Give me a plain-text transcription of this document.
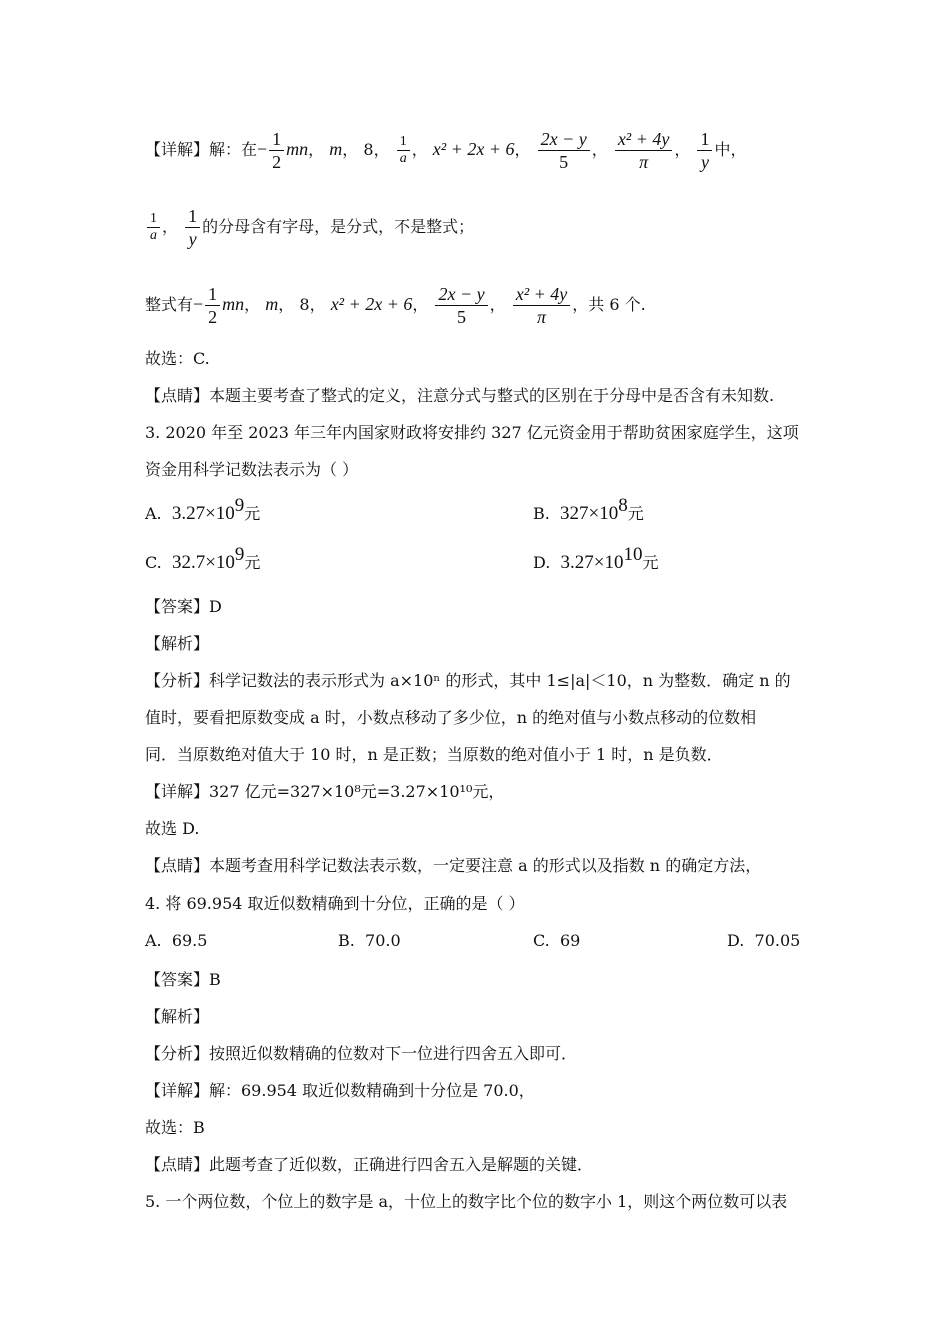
【详解】解：在− $\frac{1}{2}$ mn， m， 8， $\frac{1}{a}$ ， x² + 2x + 6， $\frac{2x - y}{5}$ ， $\frac{\text{x² + 4y}}{\pi}$ ， $\frac{1}{y}$ 中，
$\frac{1}{a}$ ， $\frac{1}{y}$ 的分母含有字母，是分式，不是整式；
整式有− $\frac{1}{2}$ mn， m， 8， x² + 2x + 6， $\frac{2x - y}{5}$ ， $\frac{\text{x² + 4y}}{\pi}$ ，共 6 个.
故选：C.
【点睛】本题主要考查了整式的定义，注意分式与整式的区别在于分母中是否含有未知数.
3. 2020 年至 2023 年三年内国家财政将安排约 327 亿元资金用于帮助贫困家庭学生，这项
资金用科学记数法表示为（ ）
A. $3.27\times 10^9$元	B. $327\times 10^8$元
C. $32.7\times 10^9$元	D. $3.27\times 10^{10}$元
【答案】D
【解析】
【分析】科学记数法的表示形式为 a×10ⁿ 的形式，其中 1≤|a|＜10，n 为整数．确定 n 的
值时，要看把原数变成 a 时，小数点移动了多少位，n 的绝对值与小数点移动的位数相
同．当原数绝对值大于 10 时，n 是正数；当原数的绝对值小于 1 时，n 是负数．
【详解】327 亿元=327×10⁸元=3.27×10¹⁰元，
故选 D.
【点睛】本题考查用科学记数法表示数，一定要注意 a 的形式以及指数 n 的确定方法，
4. 将 69.954 取近似数精确到十分位，正确的是（ ）
A. 69.5	B. 70.0	C. 69	D. 70.05
【答案】B
【解析】
【分析】按照近似数精确的位数对下一位进行四舍五入即可．
【详解】解：69.954 取近似数精确到十分位是 70.0，
故选：B
【点睛】此题考查了近似数，正确进行四舍五入是解题的关键．
5. 一个两位数，个位上的数字是 a，十位上的数字比个位的数字小 1，则这个两位数可以表
